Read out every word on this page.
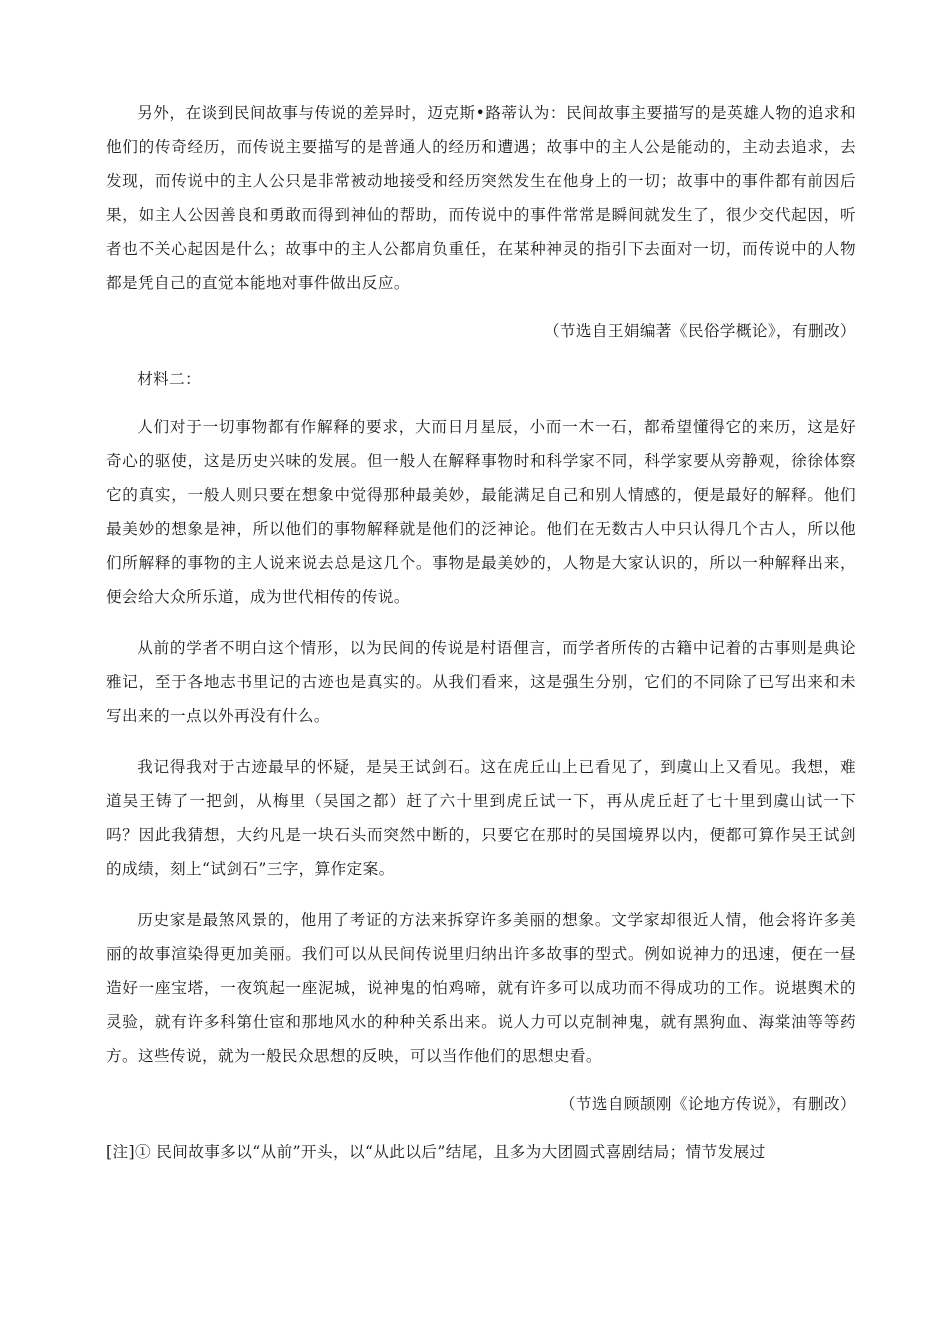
另外，在谈到民间故事与传说的差异时，迈克斯•路蒂认为：民间故事主要描写的是英雄人物的追求和他们的传奇经历，而传说主要描写的是普通人的经历和遭遇；故事中的主人公是能动的，主动去追求，去发现，而传说中的主人公只是非常被动地接受和经历突然发生在他身上的一切；故事中的事件都有前因后果，如主人公因善良和勇敢而得到神仙的帮助，而传说中的事件常常是瞬间就发生了，很少交代起因，听者也不关心起因是什么；故事中的主人公都肩负重任，在某种神灵的指引下去面对一切，而传说中的人物都是凭自己的直觉本能地对事件做出反应。

（节选自王娟编著《民俗学概论》，有删改）

材料二：

人们对于一切事物都有作解释的要求，大而日月星辰，小而一木一石，都希望懂得它的来历，这是好奇心的驱使，这是历史兴味的发展。但一般人在解释事物时和科学家不同，科学家要从旁静观，徐徐体察它的真实，一般人则只要在想象中觉得那种最美妙，最能满足自己和别人情感的，便是最好的解释。他们最美妙的想象是神，所以他们的事物解释就是他们的泛神论。他们在无数古人中只认得几个古人，所以他们所解释的事物的主人说来说去总是这几个。事物是最美妙的，人物是大家认识的，所以一种解释出来，便会给大众所乐道，成为世代相传的传说。

从前的学者不明白这个情形，以为民间的传说是村语俚言，而学者所传的古籍中记着的古事则是典论雅记，至于各地志书里记的古迹也是真实的。从我们看来，这是强生分别，它们的不同除了已写出来和未写出来的一点以外再没有什么。

我记得我对于古迹最早的怀疑，是吴王试剑石。这在虎丘山上已看见了，到虞山上又看见。我想，难道吴王铸了一把剑，从梅里（吴国之都）赶了六十里到虎丘试一下，再从虎丘赶了七十里到虞山试一下吗？因此我猜想，大约凡是一块石头而突然中断的，只要它在那时的吴国境界以内，便都可算作吴王试剑的成绩，刻上“试剑石”三字，算作定案。

历史家是最煞风景的，他用了考证的方法来拆穿许多美丽的想象。文学家却很近人情，他会将许多美丽的故事渲染得更加美丽。我们可以从民间传说里归纳出许多故事的型式。例如说神力的迅速，便在一昼造好一座宝塔，一夜筑起一座泥城，说神鬼的怕鸡啼，就有许多可以成功而不得成功的工作。说堪舆术的灵验，就有许多科第仕宦和那地风水的种种关系出来。说人力可以克制神鬼，就有黑狗血、海棠油等等药方。这些传说，就为一般民众思想的反映，可以当作他们的思想史看。

（节选自顾颉刚《论地方传说》，有删改）

[注]① 民间故事多以“从前”开头，以“从此以后”结尾，且多为大团圆式喜剧结局；情节发展过
